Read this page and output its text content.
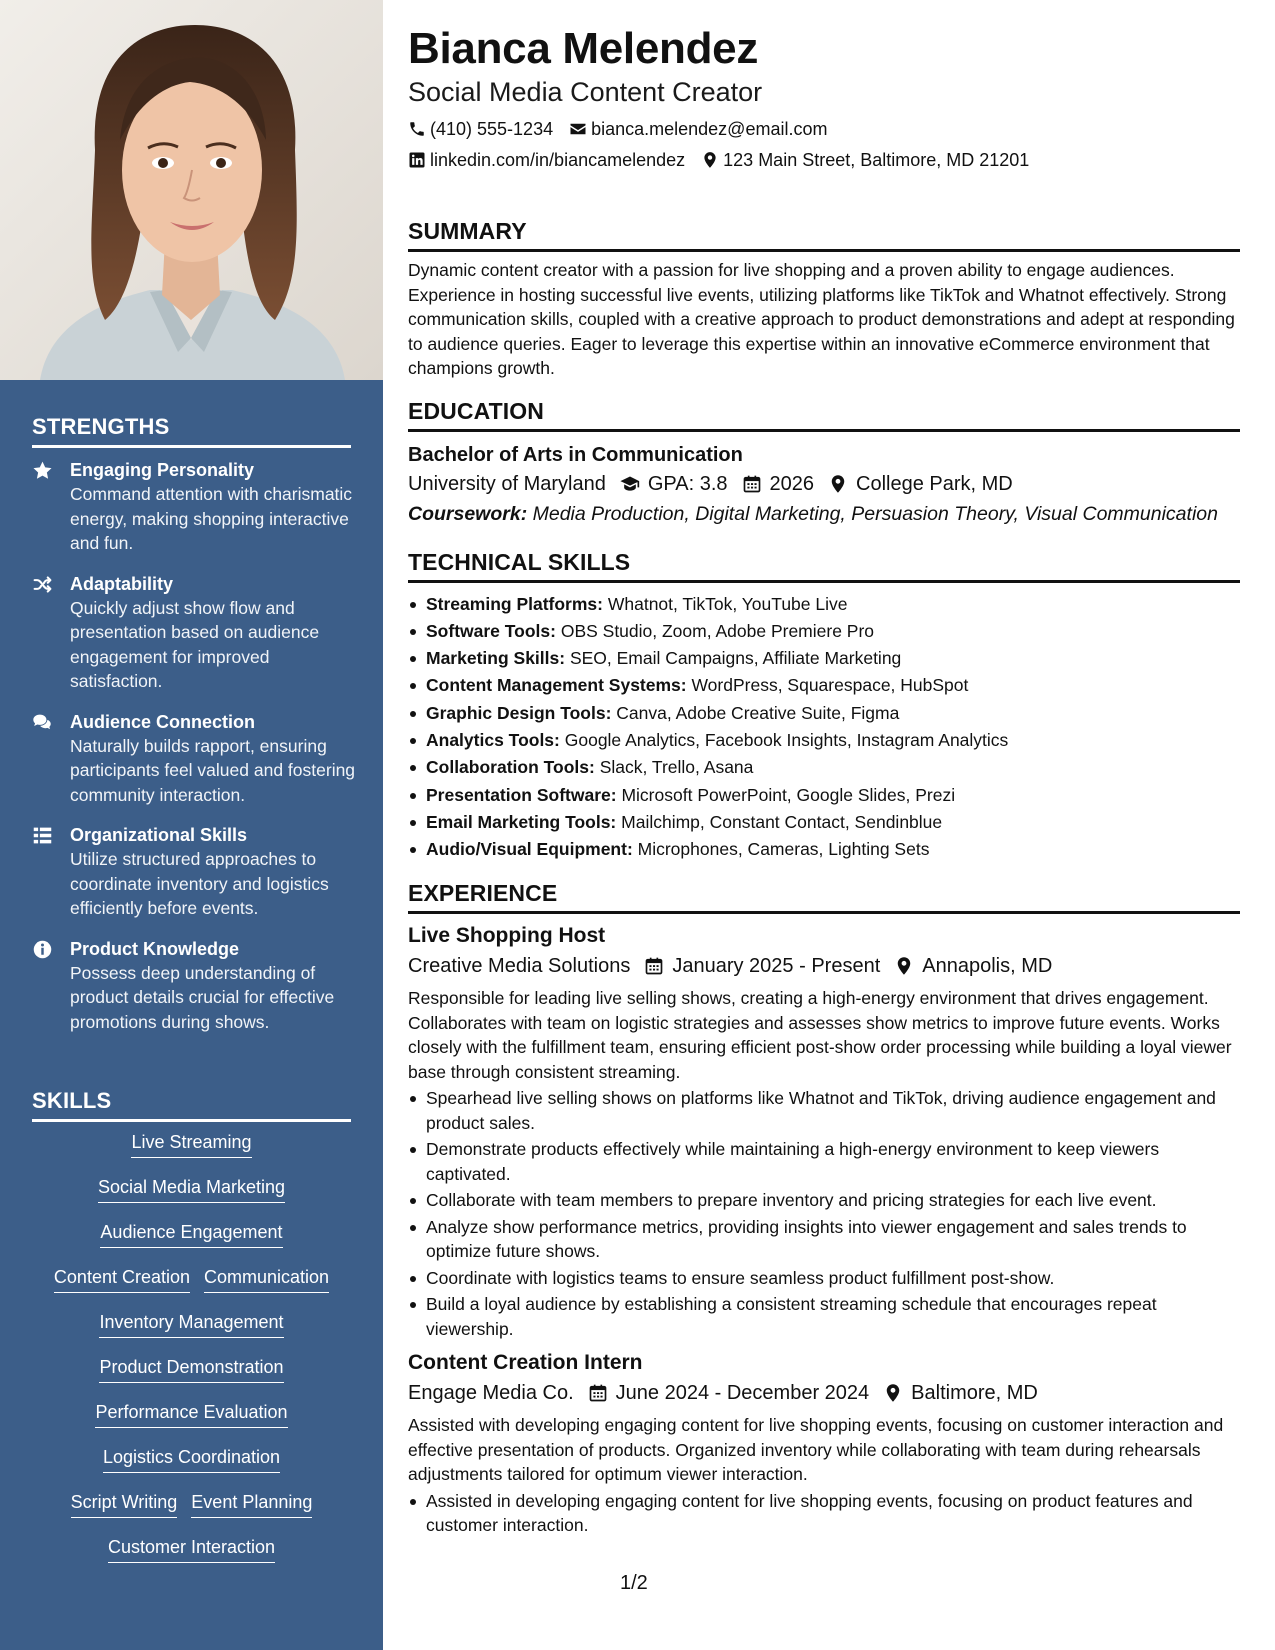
STRENGTHS
Engaging Personality
Command attention with charismatic energy, making shopping interactive and fun.
Adaptability
Quickly adjust show flow and presentation based on audience engagement for improved satisfaction.
Audience Connection
Naturally builds rapport, ensuring participants feel valued and fostering community interaction.
Organizational Skills
Utilize structured approaches to coordinate inventory and logistics efficiently before events.
Product Knowledge
Possess deep understanding of product details crucial for effective promotions during shows.
SKILLS
Live Streaming
Social Media Marketing
Audience Engagement
Content Creation Communication
Inventory Management
Product Demonstration
Performance Evaluation
Logistics Coordination
Script Writing Event Planning
Customer Interaction
Bianca Melendez
Social Media Content Creator
(410) 555-1234 bianca.melendez@email.com
linkedin.com/in/biancamelendez 123 Main Street, Baltimore, MD 21201
SUMMARY
Dynamic content creator with a passion for live shopping and a proven ability to engage audiences. Experience in hosting successful live events, utilizing platforms like TikTok and Whatnot effectively. Strong communication skills, coupled with a creative approach to product demonstrations and adept at responding to audience queries. Eager to leverage this expertise within an innovative eCommerce environment that champions growth.
EDUCATION
Bachelor of Arts in Communication
University of Maryland GPA: 3.8 2026 College Park, MD
Coursework: Media Production, Digital Marketing, Persuasion Theory, Visual Communication
TECHNICAL SKILLS
Streaming Platforms: Whatnot, TikTok, YouTube Live
Software Tools: OBS Studio, Zoom, Adobe Premiere Pro
Marketing Skills: SEO, Email Campaigns, Affiliate Marketing
Content Management Systems: WordPress, Squarespace, HubSpot
Graphic Design Tools: Canva, Adobe Creative Suite, Figma
Analytics Tools: Google Analytics, Facebook Insights, Instagram Analytics
Collaboration Tools: Slack, Trello, Asana
Presentation Software: Microsoft PowerPoint, Google Slides, Prezi
Email Marketing Tools: Mailchimp, Constant Contact, Sendinblue
Audio/Visual Equipment: Microphones, Cameras, Lighting Sets
EXPERIENCE
Live Shopping Host
Creative Media Solutions January 2025 - Present Annapolis, MD
Responsible for leading live selling shows, creating a high-energy environment that drives engagement. Collaborates with team on logistic strategies and assesses show metrics to improve future events. Works closely with the fulfillment team, ensuring efficient post-show order processing while building a loyal viewer base through consistent streaming.
Spearhead live selling shows on platforms like Whatnot and TikTok, driving audience engagement and product sales.
Demonstrate products effectively while maintaining a high-energy environment to keep viewers captivated.
Collaborate with team members to prepare inventory and pricing strategies for each live event.
Analyze show performance metrics, providing insights into viewer engagement and sales trends to optimize future shows.
Coordinate with logistics teams to ensure seamless product fulfillment post-show.
Build a loyal audience by establishing a consistent streaming schedule that encourages repeat viewership.
Content Creation Intern
Engage Media Co. June 2024 - December 2024 Baltimore, MD
Assisted with developing engaging content for live shopping events, focusing on customer interaction and effective presentation of products. Organized inventory while collaborating with team during rehearsals adjustments tailored for optimum viewer interaction.
Assisted in developing engaging content for live shopping events, focusing on product features and customer interaction.
1/2
